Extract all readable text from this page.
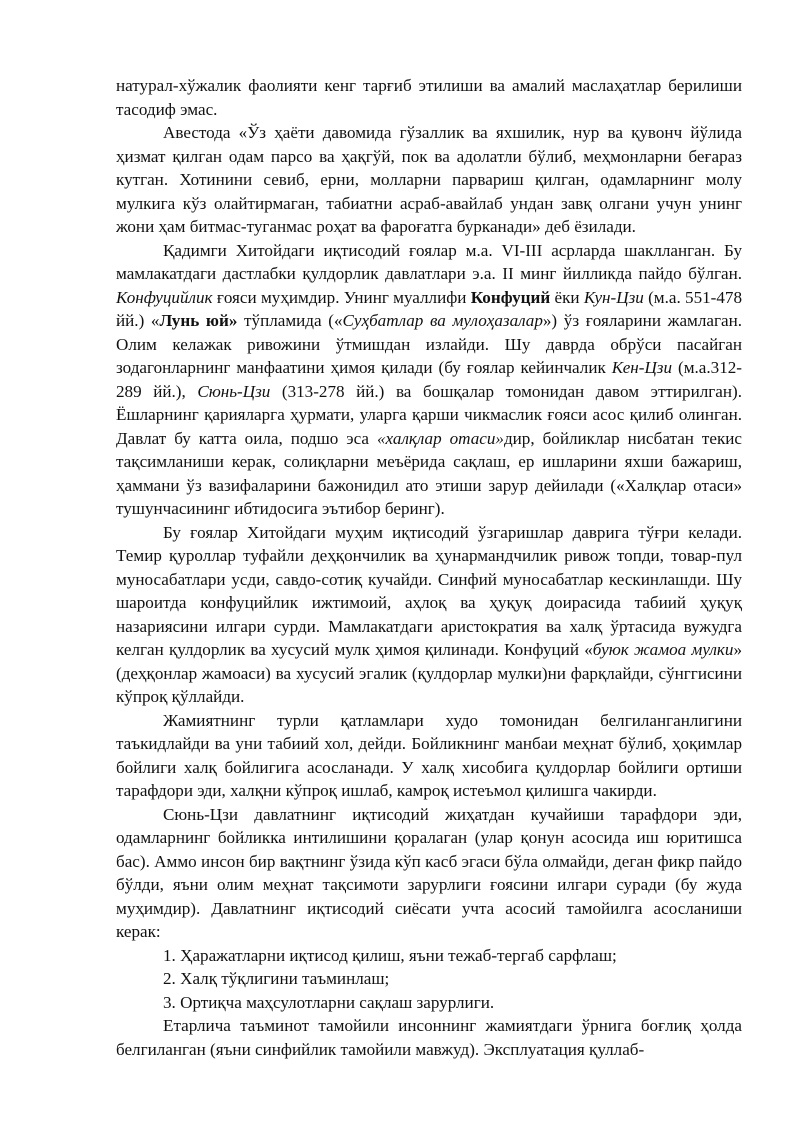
натурал-хўжалик фаолияти кенг тарғиб этилиши ва амалий маслаҳатлар берилиши тасодиф эмас.

Авестода «Ўз ҳаёти давомида гўзаллик ва яхшилик, нур ва қувонч йўлида ҳизмат қилган одам парсо ва ҳақгўй, пок ва адолатли бўлиб, меҳмонларни беғараз кутган. Хотинини севиб, ерни, молларни парвариш қилган, одамларнинг молу мулкига кўз олайтирмаган, табиатни асраб-авайлаб ундан завқ олгани учун унинг жони ҳам битмас-туганмас роҳат ва фароғатга бурканади» деб ёзилади.

Қадимги Хитойдаги иқтисодий ғоялар м.а. VI-III асрларда шаклланган. Бу мамлакатдаги дастлабки қулдорлик давлатлари э.а. II минг йилликда пайдо бўлган. Конфуцийлик ғояси муҳимдир. Унинг муаллифи Конфуций ёки Кун-Цзи (м.а. 551-478 йй.) «Лунь юй» тўпламида («Суҳбатлар ва мулоҳазалар») ўз ғояларини жамлаган. Олим келажак ривожини ўтмишдан излайди. Шу даврда обрўси пасайган зодагонларнинг манфаатини ҳимоя қилади (бу ғоялар кейинчалик Кен-Цзи (м.а.312-289 йй.), Сюнь-Цзи (313-278 йй.) ва бошқалар томонидан давом эттирилган). Ёшларнинг қарияларга ҳурмати, уларга қарши чикмаслик ғояси асос қилиб олинган. Давлат бу катта оила, подшо эса «халқлар отаси»дир, бойликлар нисбатан текис тақсимланиши керак, солиқларни меъёрида сақлаш, ер ишларини яхши бажариш, ҳаммани ўз вазифаларини бажонидил ато этиши зарур дейилади («Халқлар отаси» тушунчасининг ибтидосига эътибор беринг).

Бу ғоялар Хитойдаги муҳим иқтисодий ўзгаришлар даврига тўғри келади. Темир қуроллар туфайли деҳқончилик ва ҳунармандчилик ривож топди, товар-пул муносабатлари усди, савдо-сотиқ кучайди. Синфий муносабатлар кескинлашди. Шу шароитда конфуцийлик ижтимоий, аҳлоқ ва ҳуқуқ доирасида табиий ҳуқуқ назариясини илгари сурди. Мамлакатдаги аристократия ва халқ ўртасида вужудга келган қулдорлик ва хусусий мулк ҳимоя қилинади. Конфуций «буюк жамоа мулки» (деҳқонлар жамоаси) ва хусусий эгалик (қулдорлар мулки)ни фарқлайди, сўнггисини кўпроқ қўллайди.

Жамиятнинг турли қатламлари худо томонидан белгиланганлигини таъкидлайди ва уни табиий хол, дейди. Бойликнинг манбаи меҳнат бўлиб, ҳоқимлар бойлиги халқ бойлигига асосланади. У халқ хисобига қулдорлар бойлиги ортиши тарафдори эди, халқни кўпроқ ишлаб, камроқ истеъмол қилишга чакирди.

Сюнь-Цзи давлатнинг иқтисодий жиҳатдан кучайиши тарафдори эди, одамларнинг бойликка интилишини қоралаган (улар қонун асосида иш юритишса бас). Аммо инсон бир вақтнинг ўзида кўп касб эгаси бўла олмайди, деган фикр пайдо бўлди, яъни олим меҳнат тақсимоти зарурлиги ғоясини илгари суради (бу жуда муҳимдир). Давлатнинг иқтисодий сиёсати учта асосий тамойилга асосланиши керак:

1. Ҳаражатларни иқтисод қилиш, яъни тежаб-тергаб сарфлаш;

2. Халқ тўқлигини таъминлаш;

3. Ортиқча маҳсулотларни сақлаш зарурлиги.

Етарлича таъминот тамойили инсоннинг жамиятдаги ўрнига боғлиқ ҳолда белгиланган (яъни синфийлик тамойили мавжуд). Эксплуатация қуллаб-
